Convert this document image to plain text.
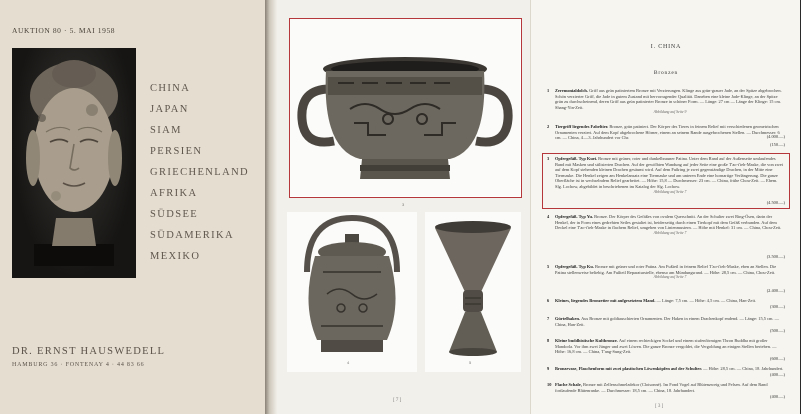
AUKTION 80 · 5. MAI 1958
CHINA
JAPAN
SIAM
PERSIEN
GRIECHENLAND
AFRIKA
SÜDSEE
SÜDAMERIKA
MEXIKO
DR. ERNST HAUSWEDELL
HAMBURG 36 · FONTENAY 4 · 44 83 66
3
4	5
[ 7 ]
I. CHINA
Bronzen
1 Zeremonialdolch. Griff aus grün patiniertem Bronze mit Verzierungen. Klinge aus grün-grauer Jade, an der Spitze abgebrochen. Schön verzierter Griff, die Jade in gutem Zustand mit hervorragender Qualität. Daneben eine kleine Jade-Klinge, an der Spitze grün zu durchscheinend, deren Griff aus grün patinierter Bronze in schöner Form. — Länge: 27 cm — Länge der Klinge: 15 cm. Shang-Yin-Zeit.
Abbildung auf Seite 9
(4.000.—)
2 Tiergriff liegendes Fabeltier. Bronze, grün patiniert. Der Körper des Tieres in feinem Relief mit verschiedenen geometrischen Ornamenten verziert. Auf dem Kopf abgebrochene Hörner, einem an seinem Rande ausgebrochenen Stellen. — Durchmesser: 6 cm. — China, 4.—3. Jahrhundert vor Chr.
(150.—)
3 Opfergefäß. Typ Kuei. Bronze mit grüner, roter und dunkelbrauner Patina. Unter dem Rand auf der Außenseite umlaufendes Band mit Masken und stilisierten Drachen. Auf der gewölbten Wandung auf jeder Seite eine große T'ao-t'ieh-Maske, die von zwei auf dem Kopf stehenden kleinen Drachen gesäumt wird. Auf dem Fußring je zwei gegenständige Drachen, in der Mitte eine Tiermaske. Die Henkel zeigen am Henkelansatz eine Tiermaske und am unteren Ende eine hornartige Verlängerung. Die ganze Oberfläche ist in wechselndem Relief gearbeitet. — Höhe: 15,8 — Durchmesser: 23 cm. — China, frühe Chou-Zeit. — Ehem. Slg. Lochow, abgebildet in beschriebenen im Katalog der Slg. Lochow.
Abbildung auf Seite 7
(4.500.—)
4 Opfergefäß. Typ Yu. Bronze. Der Körper des Gefäßes von ovalem Querschnitt. An der Schulter zwei Ring-Ösen, darin der Henkel, der in Form eines gedrehten Seiles gestaltet ist, beiderseitig durch einen Tierkopf mit dem Gefäß verbunden. Auf dem Deckel eine T'ao-t'ieh-Maske in flachem Relief, umgeben von Linienmustern. — Höhe mit Henkel: 31 cm. — China, Chou-Zeit.
Abbildung auf Seite 7
(3.500.—)
5 Opfergefäß. Typ Ku. Bronze mit grüner und roter Patina. Am Fußteil in feinem Relief T'ao-t'ieh-Maske, eben an Stellen. Die Patina stellenweise beliebig. Am Fußteil Reparaturstelle, ebenso am Mündungsrand. — Höhe: 28,5 cm. — China, Chou-Zeit.
Abbildung auf Seite 7
(2.400.—)
6 Kleines, liegendes Bronzetier mit aufgesetztem Mand. — Länge: 7,5 cm. — Höhe: 4,5 cm. — China, Han-Zeit.
(300.—)
7 Gürtelhaken. Aus Bronze mit goldtauschierten Ornamenten. Der Haken in einem Drachenkopf endend. — Länge: 15,5 cm. — China, Han-Zeit.
(500.—)
8 Kleine buddhistische Kultbronze. Auf einem rechteckigen Sockel und einem stufenförmigen Thron Buddha mit großer Mandorla. Vor ihm zwei Jünger und zwei Löwen. Die ganze Bronze vergoldet, die Vergoldung an einigen Stellen berieben. — Höhe: 16,8 cm. — China, T'ang-Sung-Zeit.
(600.—)
9 Bronzevase, Flaschenform mit zwei plastischen Löwenköpfen auf der Schulter. — Höhe: 28,5 cm. — China, 18. Jahrhundert.
(400.—)
10 Flache Schale, Bronze mit Zellenschmelzdekor (Cloisonné). Im Fond Vogel auf Blütenzweig und Felsen. Auf dem Rand fortlaufende Blütenranke. — Durchmesser: 18,5 cm. — China, 18. Jahrhundert.
(400.—)
[ 3 ]
